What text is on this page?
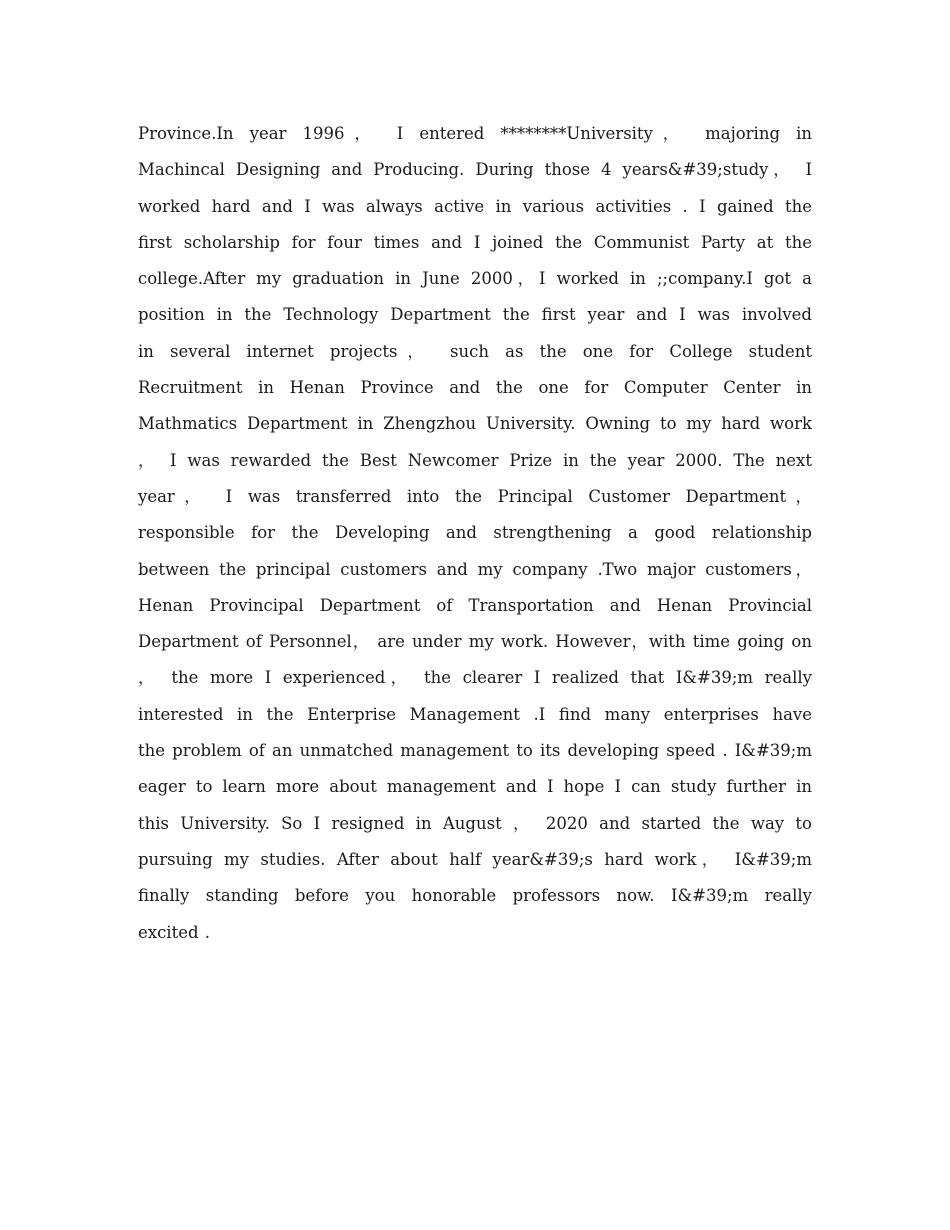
Province.In year 1996， I entered ********University， majoring in
Machincal Designing and Producing. During those 4 years&#39;study， I
worked hard and I was always active in various activities . I gained the
first scholarship for four times and I joined the Communist Party at the
college.After my graduation in June 2000，I worked in ;;company.I got a
position in the Technology Department the first year and I was involved
in several internet projects， such as the one for College student
Recruitment in Henan Province and the one for Computer Center in
Mathmatics Department in Zhengzhou University. Owning to my hard work
， I was rewarded the Best Newcomer Prize in the year 2000. The next
year， I was transferred into the Principal Customer Department，
responsible for the Developing and strengthening a good relationship
between the principal customers and my company .Two major customers，
Henan Provincipal Department of Transportation and Henan Provincial
Department of Personnel， are under my work. However，with time going on
， the more I experienced， the clearer I realized that I&#39;m really
interested in the Enterprise Management .I find many enterprises have
the problem of an unmatched management to its developing speed . I&#39;m
eager to learn more about management and I hope I can study further in
this University. So I resigned in August ， 2020 and started the way to
pursuing my studies. After about half year&#39;s hard work， I&#39;m
finally standing before you honorable professors now. I&#39;m really
excited .
